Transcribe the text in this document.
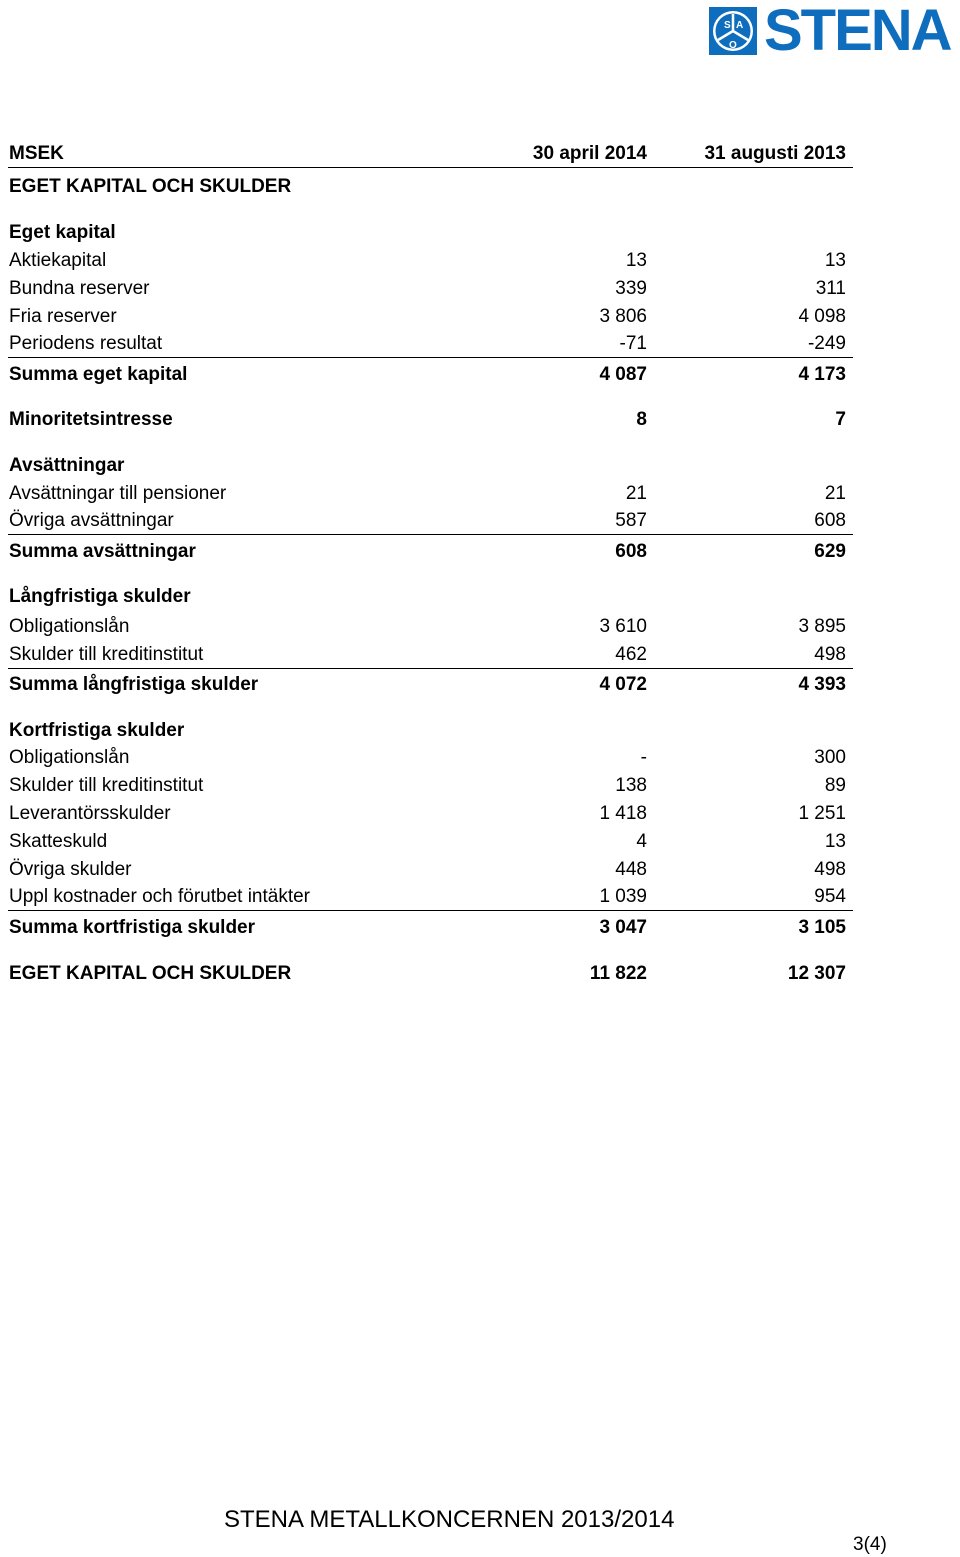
S A
O STENA
MSEK	30 april 2014	31 augusti 2013
EGET KAPITAL OCH SKULDER
Eget kapital
Aktiekapital	13	13
Bundna reserver	339	311
Fria reserver	3 806	4 098
Periodens resultat	-71	-249
Summa eget kapital	4 087	4 173
Minoritetsintresse	8	7
Avsättningar
Avsättningar till pensioner	21	21
Övriga avsättningar	587	608
Summa avsättningar	608	629
Långfristiga skulder
Obligationslån	3 610	3 895
Skulder till kreditinstitut	462	498
Summa långfristiga skulder	4 072	4 393
Kortfristiga skulder
Obligationslån	-	300
Skulder till kreditinstitut	138	89
Leverantörsskulder	1 418	1 251
Skatteskuld	4	13
Övriga skulder	448	498
Uppl kostnader och förutbet intäkter	1 039	954
Summa kortfristiga skulder	3 047	3 105
EGET KAPITAL OCH SKULDER	11 822	12 307
STENA METALLKONCERNEN 2013/2014
3(4)
